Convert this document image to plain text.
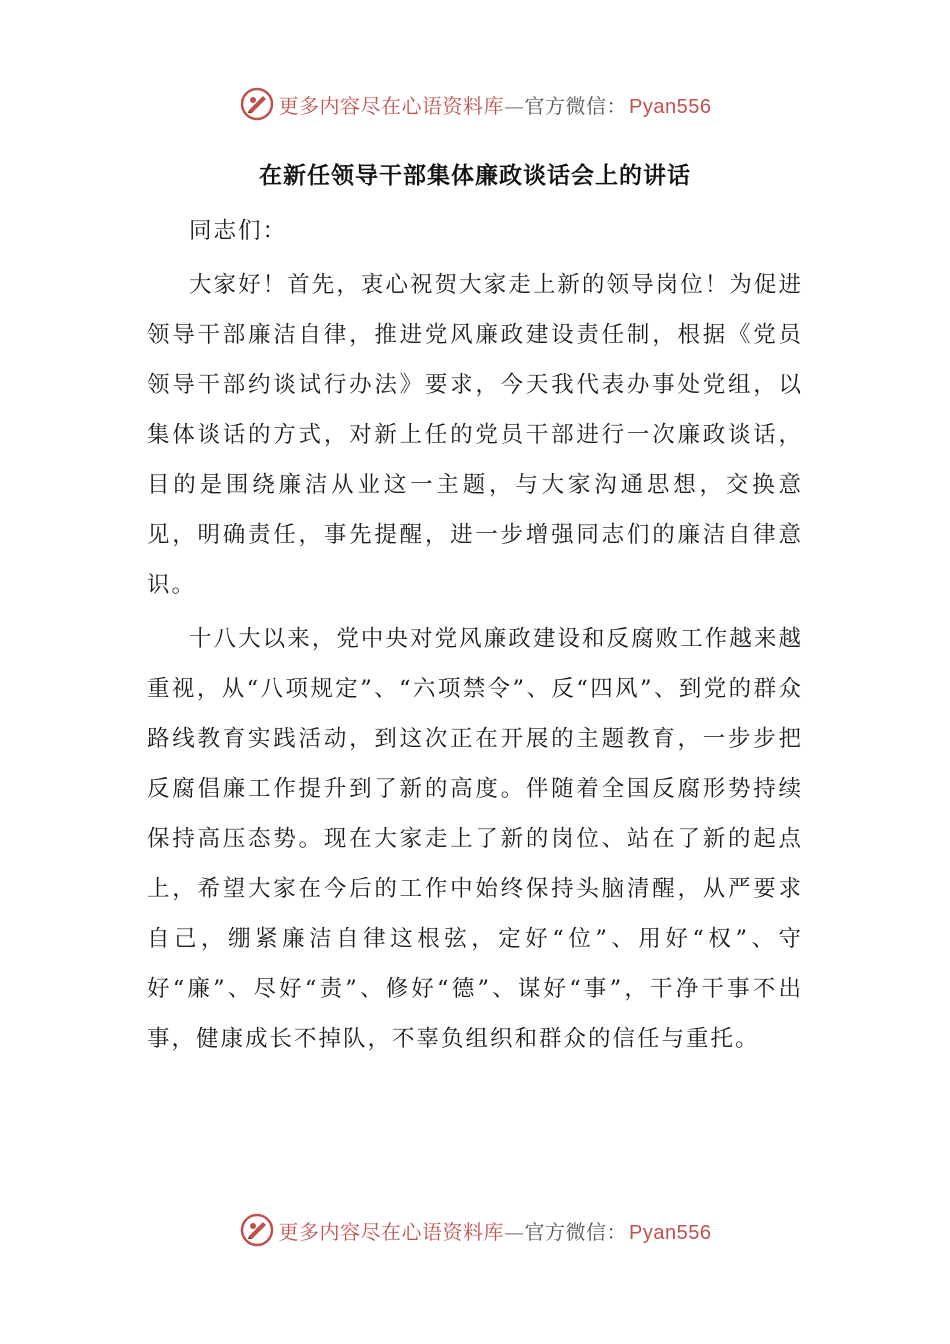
更多内容尽在心语资料库—官方微信： Pyan556
在新任领导干部集体廉政谈话会上的讲话

同志们：

大家好！首先，衷心祝贺大家走上新的领导岗位！为促进领导干部廉洁自律，推进党风廉政建设责任制，根据《党员领导干部约谈试行办法》要求，今天我代表办事处党组，以集体谈话的方式，对新上任的党员干部进行一次廉政谈话，目的是围绕廉洁从业这一主题，与大家沟通思想，交换意见，明确责任，事先提醒，进一步增强同志们的廉洁自律意识。

十八大以来，党中央对党风廉政建设和反腐败工作越来越重视，从“八项规定”、“六项禁令”、反“四风”、到党的群众路线教育实践活动，到这次正在开展的主题教育，一步步把反腐倡廉工作提升到了新的高度。伴随着全国反腐形势持续保持高压态势。现在大家走上了新的岗位、站在了新的起点上，希望大家在今后的工作中始终保持头脑清醒，从严要求自己，绷紧廉洁自律这根弦，定好“位”、用好“权”、守好“廉”、尽好“责”、修好“德”、谋好“事”，干净干事不出事，健康成长不掉队，不辜负组织和群众的信任与重托。

更多内容尽在心语资料库—官方微信： Pyan556
